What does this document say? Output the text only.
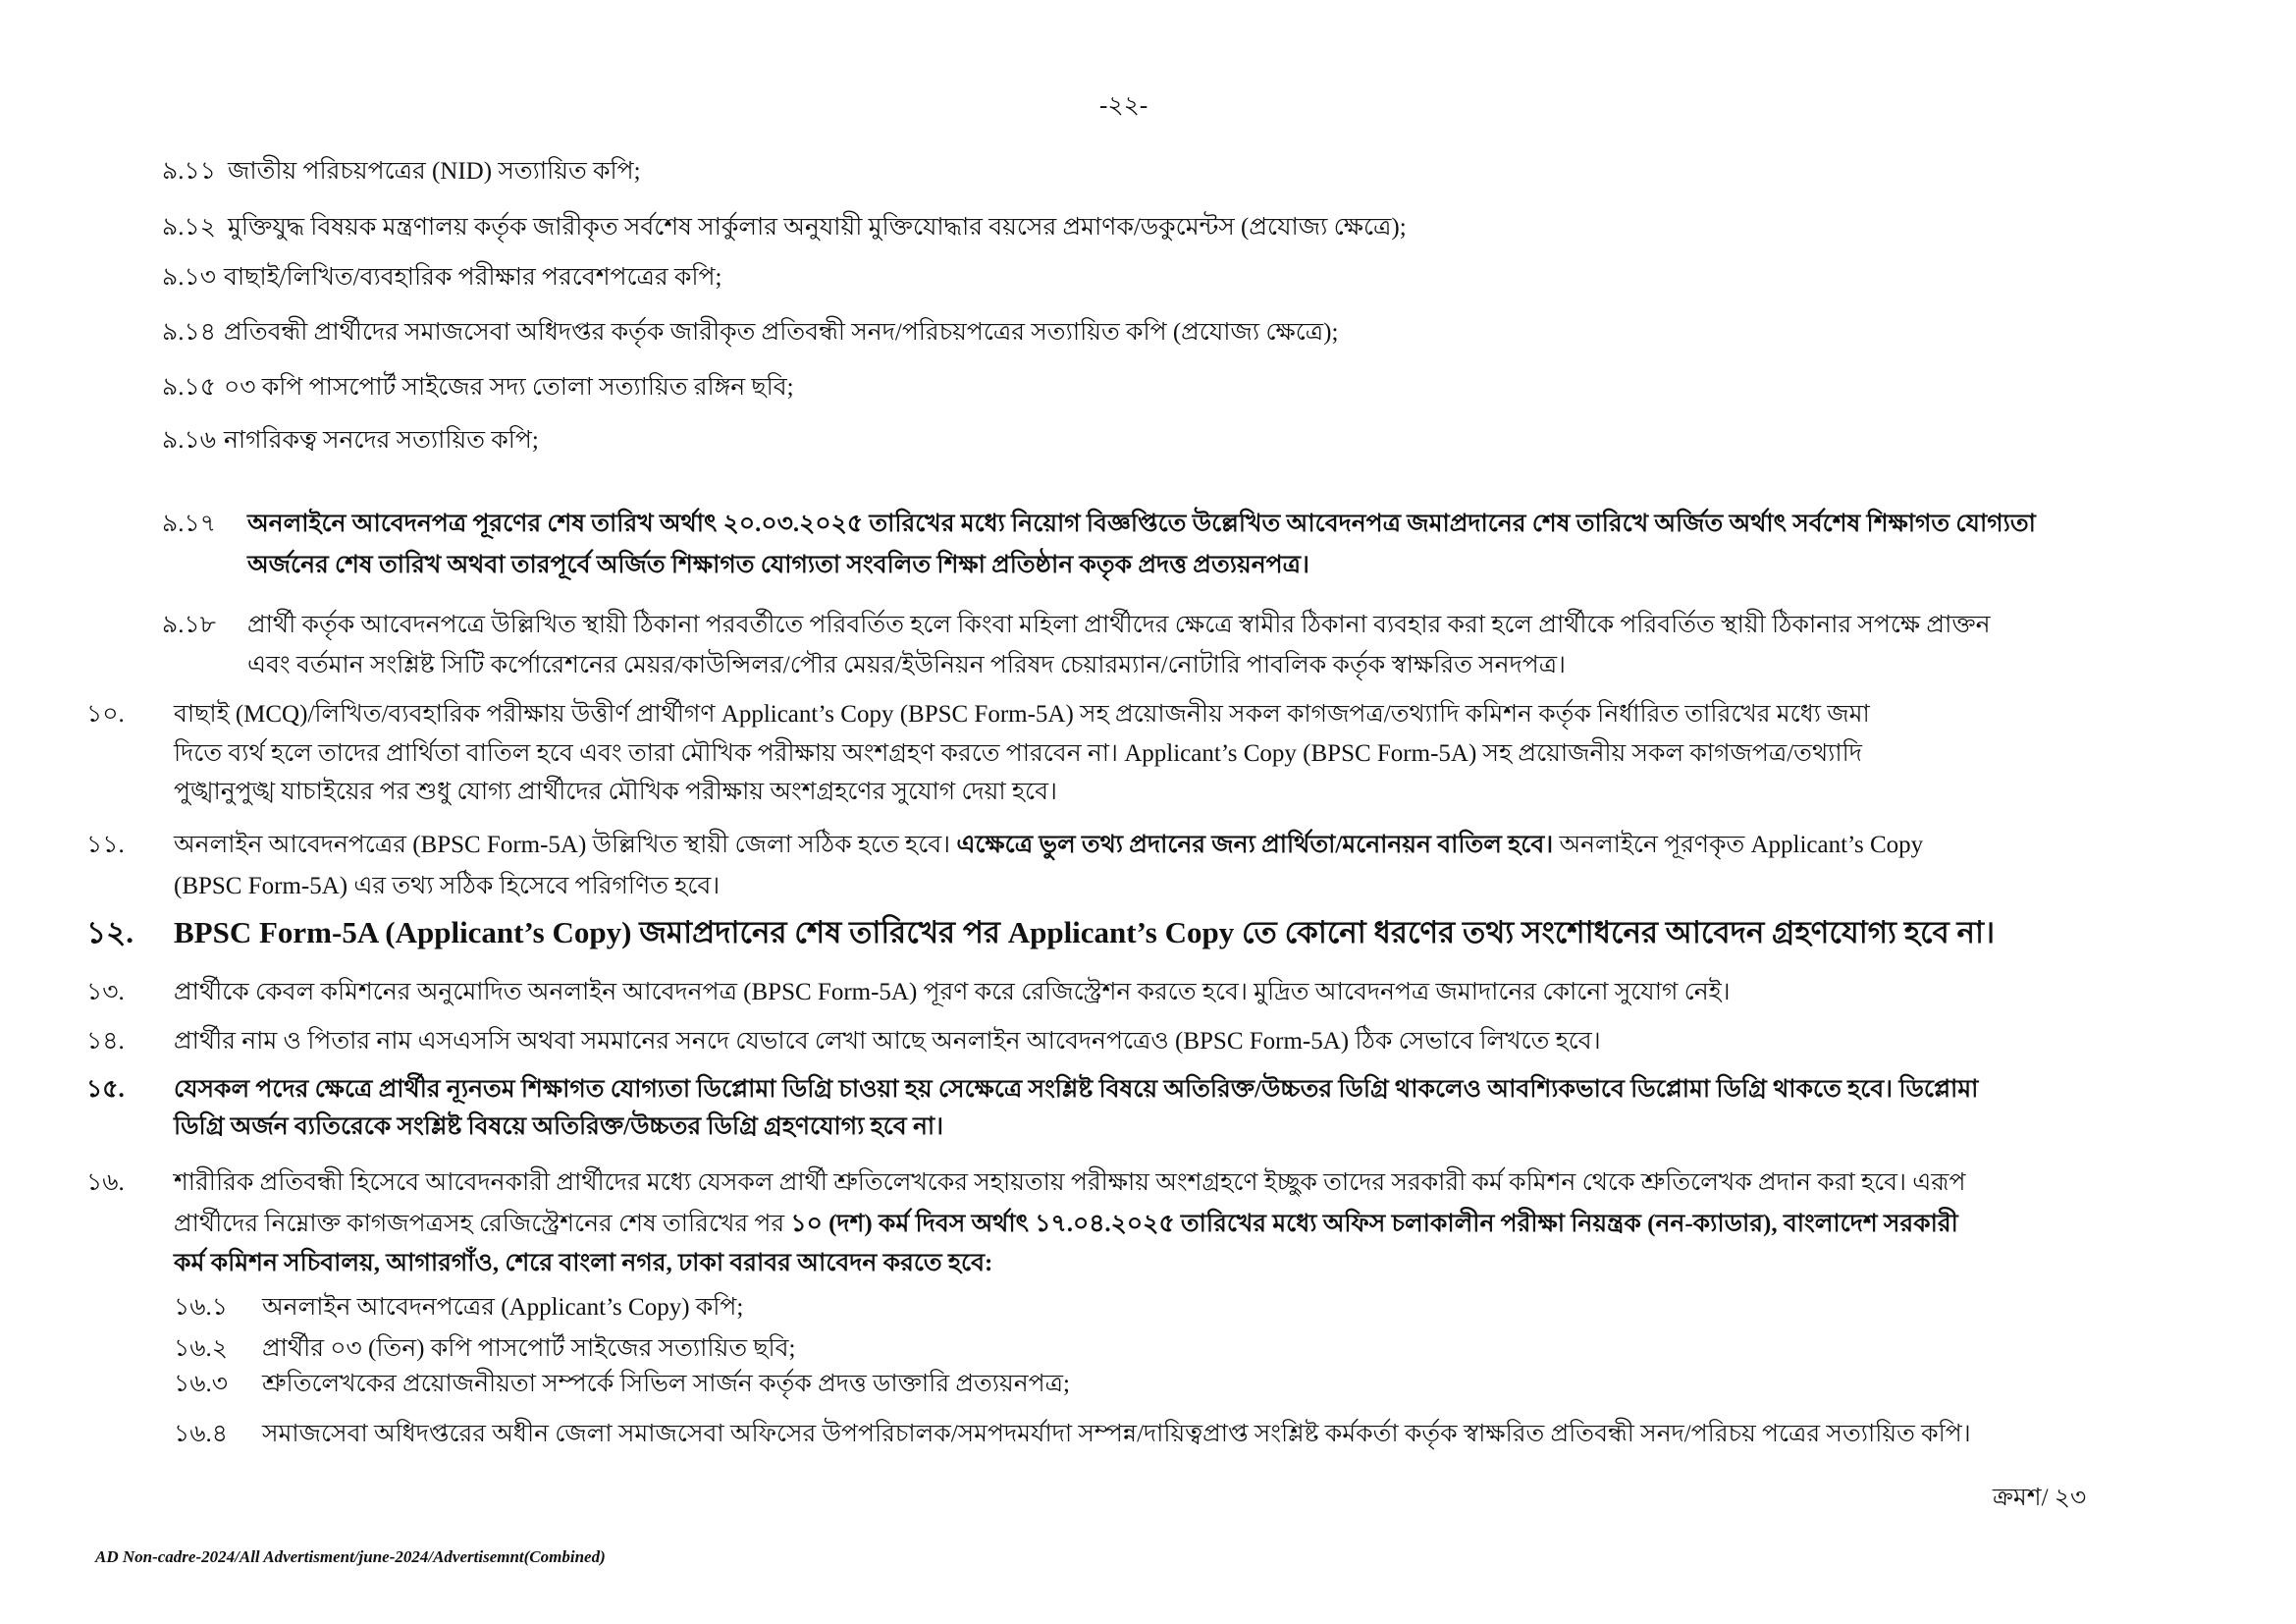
-২২-
৯.১১ জাতীয় পরিচয়পত্রের (NID) সত্যায়িত কপি;
৯.১২ মুক্তিযুদ্ধ বিষয়ক মন্ত্রণালয় কর্তৃক জারীকৃত সর্বশেষ সার্কুলার অনুযায়ী মুক্তিযোদ্ধার বয়সের প্রমাণক/ডকুমেন্টস (প্রযোজ্য ক্ষেত্রে);
৯.১৩ বাছাই/লিখিত/ব্যবহারিক পরীক্ষার পরবেশপত্রের কপি;
৯.১৪ প্রতিবন্ধী প্রার্থীদের সমাজসেবা অধিদপ্তর কর্তৃক জারীকৃত প্রতিবন্ধী সনদ/পরিচয়পত্রের সত্যায়িত কপি (প্রযোজ্য ক্ষেত্রে);
৯.১৫ ০৩ কপি পাসপোর্ট সাইজের সদ্য তোলা সত্যায়িত রঙ্গিন ছবি;
৯.১৬ নাগরিকত্ব সনদের সত্যায়িত কপি;
৯.১৭ অনলাইনে আবেদনপত্র পূরণের শেষ তারিখ অর্থাৎ ২০.০৩.২০২৫ তারিখের মধ্যে নিয়োগ বিজ্ঞপ্তিতে উল্লেখিত আবেদনপত্র জমাপ্রদানের শেষ তারিখে অর্জিত অর্থাৎ সর্বশেষ শিক্ষাগত যোগ্যতা
অর্জনের শেষ তারিখ অথবা তারপূর্বে অর্জিত শিক্ষাগত যোগ্যতা সংবলিত শিক্ষা প্রতিষ্ঠান কতৃক প্রদত্ত প্রত্যয়নপত্র।
৯.১৮ প্রার্থী কর্তৃক আবেদনপত্রে উল্লিখিত স্থায়ী ঠিকানা পরবর্তীতে পরিবর্তিত হলে কিংবা মহিলা প্রার্থীদের ক্ষেত্রে স্বামীর ঠিকানা ব্যবহার করা হলে প্রার্থীকে পরিবর্তিত স্থায়ী ঠিকানার সপক্ষে প্রাক্তন
এবং বর্তমান সংশ্লিষ্ট সিটি কর্পোরেশনের মেয়র/কাউন্সিলর/পৌর মেয়র/ইউনিয়ন পরিষদ চেয়ারম্যান/নোটারি পাবলিক কর্তৃক স্বাক্ষরিত সনদপত্র।
১০. বাছাই (MCQ)/লিখিত/ব্যবহারিক পরীক্ষায় উত্তীর্ণ প্রার্থীগণ Applicant’s Copy (BPSC Form-5A) সহ প্রয়োজনীয় সকল কাগজপত্র/তথ্যাদি কমিশন কর্তৃক নির্ধারিত তারিখের মধ্যে জমা
দিতে ব্যর্থ হলে তাদের প্রার্থিতা বাতিল হবে এবং তারা মৌখিক পরীক্ষায় অংশগ্রহণ করতে পারবেন না। Applicant’s Copy (BPSC Form-5A) সহ প্রয়োজনীয় সকল কাগজপত্র/তথ্যাদি
পুঙ্খানুপুঙ্খ যাচাইয়ের পর শুধু যোগ্য প্রার্থীদের মৌখিক পরীক্ষায় অংশগ্রহণের সুযোগ দেয়া হবে।
১১. অনলাইন আবেদনপত্রের (BPSC Form-5A) উল্লিখিত স্থায়ী জেলা সঠিক হতে হবে। এক্ষেত্রে ভুল তথ্য প্রদানের জন্য প্রার্থিতা/মনোনয়ন বাতিল হবে। অনলাইনে পূরণকৃত Applicant’s Copy
(BPSC Form-5A) এর তথ্য সঠিক হিসেবে পরিগণিত হবে।
১২. BPSC Form-5A (Applicant’s Copy) জমাপ্রদানের শেষ তারিখের পর Applicant’s Copy তে কোনো ধরণের তথ্য সংশোধনের আবেদন গ্রহণযোগ্য হবে না।
১৩. প্রার্থীকে কেবল কমিশনের অনুমোদিত অনলাইন আবেদনপত্র (BPSC Form-5A) পূরণ করে রেজিস্ট্রেশন করতে হবে। মুদ্রিত আবেদনপত্র জমাদানের কোনো সুযোগ নেই।
১৪. প্রার্থীর নাম ও পিতার নাম এসএসসি অথবা সমমানের সনদে যেভাবে লেখা আছে অনলাইন আবেদনপত্রেও (BPSC Form-5A) ঠিক সেভাবে লিখতে হবে।
১৫. যেসকল পদের ক্ষেত্রে প্রার্থীর ন্যূনতম শিক্ষাগত যোগ্যতা ডিপ্লোমা ডিগ্রি চাওয়া হয় সেক্ষেত্রে সংশ্লিষ্ট বিষয়ে অতিরিক্ত/উচ্চতর ডিগ্রি থাকলেও আবশ্যিকভাবে ডিপ্লোমা ডিগ্রি থাকতে হবে। ডিপ্লোমা
ডিগ্রি অর্জন ব্যতিরেকে সংশ্লিষ্ট বিষয়ে অতিরিক্ত/উচ্চতর ডিগ্রি গ্রহণযোগ্য হবে না।
১৬. শারীরিক প্রতিবন্ধী হিসেবে আবেদনকারী প্রার্থীদের মধ্যে যেসকল প্রার্থী শ্রুতিলেখকের সহায়তায় পরীক্ষায় অংশগ্রহণে ইচ্ছুক তাদের সরকারী কর্ম কমিশন থেকে শ্রুতিলেখক প্রদান করা হবে। এরূপ
প্রার্থীদের নিম্নোক্ত কাগজপত্রসহ রেজিস্ট্রেশনের শেষ তারিখের পর ১০ (দশ) কর্ম দিবস অর্থাৎ ১৭.০৪.২০২৫ তারিখের মধ্যে অফিস চলাকালীন পরীক্ষা নিয়ন্ত্রক (নন-ক্যাডার), বাংলাদেশ সরকারী
কর্ম কমিশন সচিবালয়, আগারগাঁও, শেরে বাংলা নগর, ঢাকা বরাবর আবেদন করতে হবে:
১৬.১ অনলাইন আবেদনপত্রের (Applicant’s Copy) কপি;
১৬.২ প্রার্থীর ০৩ (তিন) কপি পাসপোর্ট সাইজের সত্যায়িত ছবি;
১৬.৩ শ্রুতিলেখকের প্রয়োজনীয়তা সম্পর্কে সিভিল সার্জন কর্তৃক প্রদত্ত ডাক্তারি প্রত্যয়নপত্র;
১৬.৪ সমাজসেবা অধিদপ্তরের অধীন জেলা সমাজসেবা অফিসের উপপরিচালক/সমপদমর্যাদা সম্পন্ন/দায়িত্বপ্রাপ্ত সংশ্লিষ্ট কর্মকর্তা কর্তৃক স্বাক্ষরিত প্রতিবন্ধী সনদ/পরিচয় পত্রের সত্যায়িত কপি।
ক্রমশ/ ২৩
AD Non-cadre-2024/All Advertisment/june-2024/Advertisemnt(Combined)
